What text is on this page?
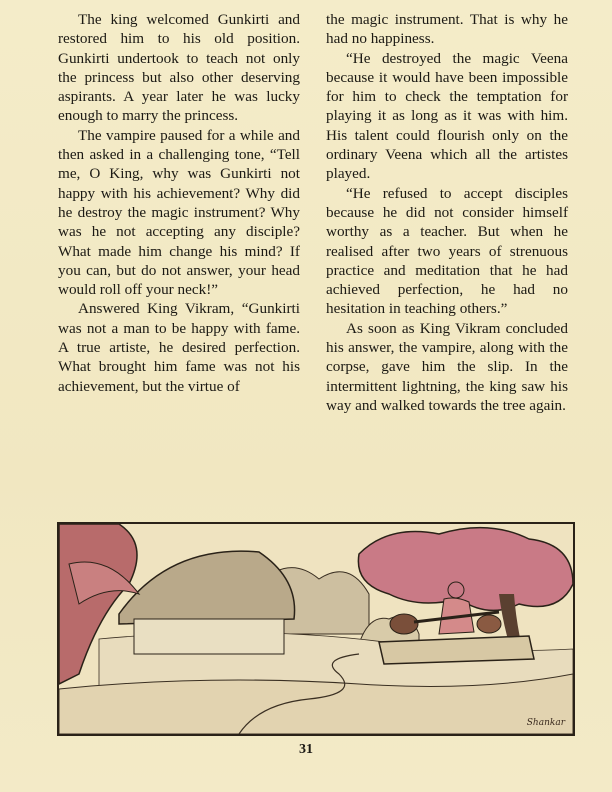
The king welcomed Gunkirti and restored him to his old position. Gunkirti undertook to teach not only the princess but also other deserving aspirants. A year later he was lucky enough to marry the princess.

The vampire paused for a while and then asked in a challenging tone, “Tell me, O King, why was Gunkirti not happy with his achievement? Why did he destroy the magic instrument? Why was he not accepting any disciple? What made him change his mind? If you can, but do not answer, your head would roll off your neck!”

Answered King Vikram, “Gunkirti was not a man to be happy with fame. A true artiste, he desired perfection. What brought him fame was not his achievement, but the virtue of

the magic instrument. That is why he had no happiness.

“He destroyed the magic Veena because it would have been impossible for him to check the temptation for playing it as long as it was with him. His talent could flourish only on the ordinary Veena which all the artistes played.

“He refused to accept disciples because he did not consider himself worthy as a teacher. But when he realised after two years of strenuous practice and meditation that he had achieved perfection, he had no hesitation in teaching others.”

As soon as King Vikram concluded his answer, the vampire, along with the corpse, gave him the slip. In the intermittent lightning, the king saw his way and walked towards the tree again.

Shankar
31
